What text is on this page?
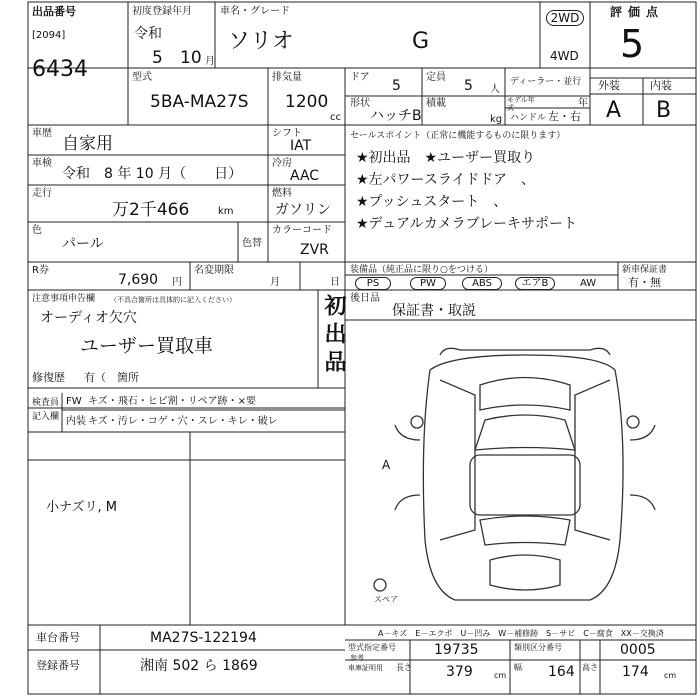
出品番号
[2094]
6434
初度登録年月
令和
5 10 月
車名・グレード
ソリオ	G
2WD
4WD
評価点
5
外装	内装
A B
型式
5BA-MA27S
排気量
1200
cc
ドア
5
定員
5 人
ディーラー・並行
モデル年式	年
形状
ハッチB
積載
kg ハンドル 左・右
車歴
自家用
車検
令和　8 年 10 月（　　日）
走行
万2千466	km
色
パール	色替
シフト
IAT
冷房
AAC
燃料
ガソリン
カラーコード
ZVR
セールスポイント（正常に機能するものに限ります）
★初出品　★ユーザー買取り
★左パワースライドドア　、
★プッシュスタート　、
★デュアルカメラブレーキサポート
R券
7,690 円
名変期限
月	日
装備品（純正品に限り○をつける）
PS	PW	ABS	エアB	AW
新車保証書
有・無
後日品
保証書・取説
注意事項申告欄 （不具合箇所は具体的に記入ください）
オーディオ欠穴
ユーザー買取車
修復歴 有（　箇所	初出品
検査員記入欄
FW キズ・飛石・ヒビ割・リペア跡・×要
内装 キズ・汚レ・コゲ・穴・スレ・キレ・破レ
小ナズリ, M
A
スペア
A－キズ　E－エクボ　U－凹み　W－補修跡　S－サビ　C－腐食　XX－交換済
車台番号	MA27S-122194
登録番号	湘南 502 ら 1869
型式指定番号
参考	19735	類別区分番号	0005
車庫証明用 長さ 379	cm
幅 164 高さ 174 cm
